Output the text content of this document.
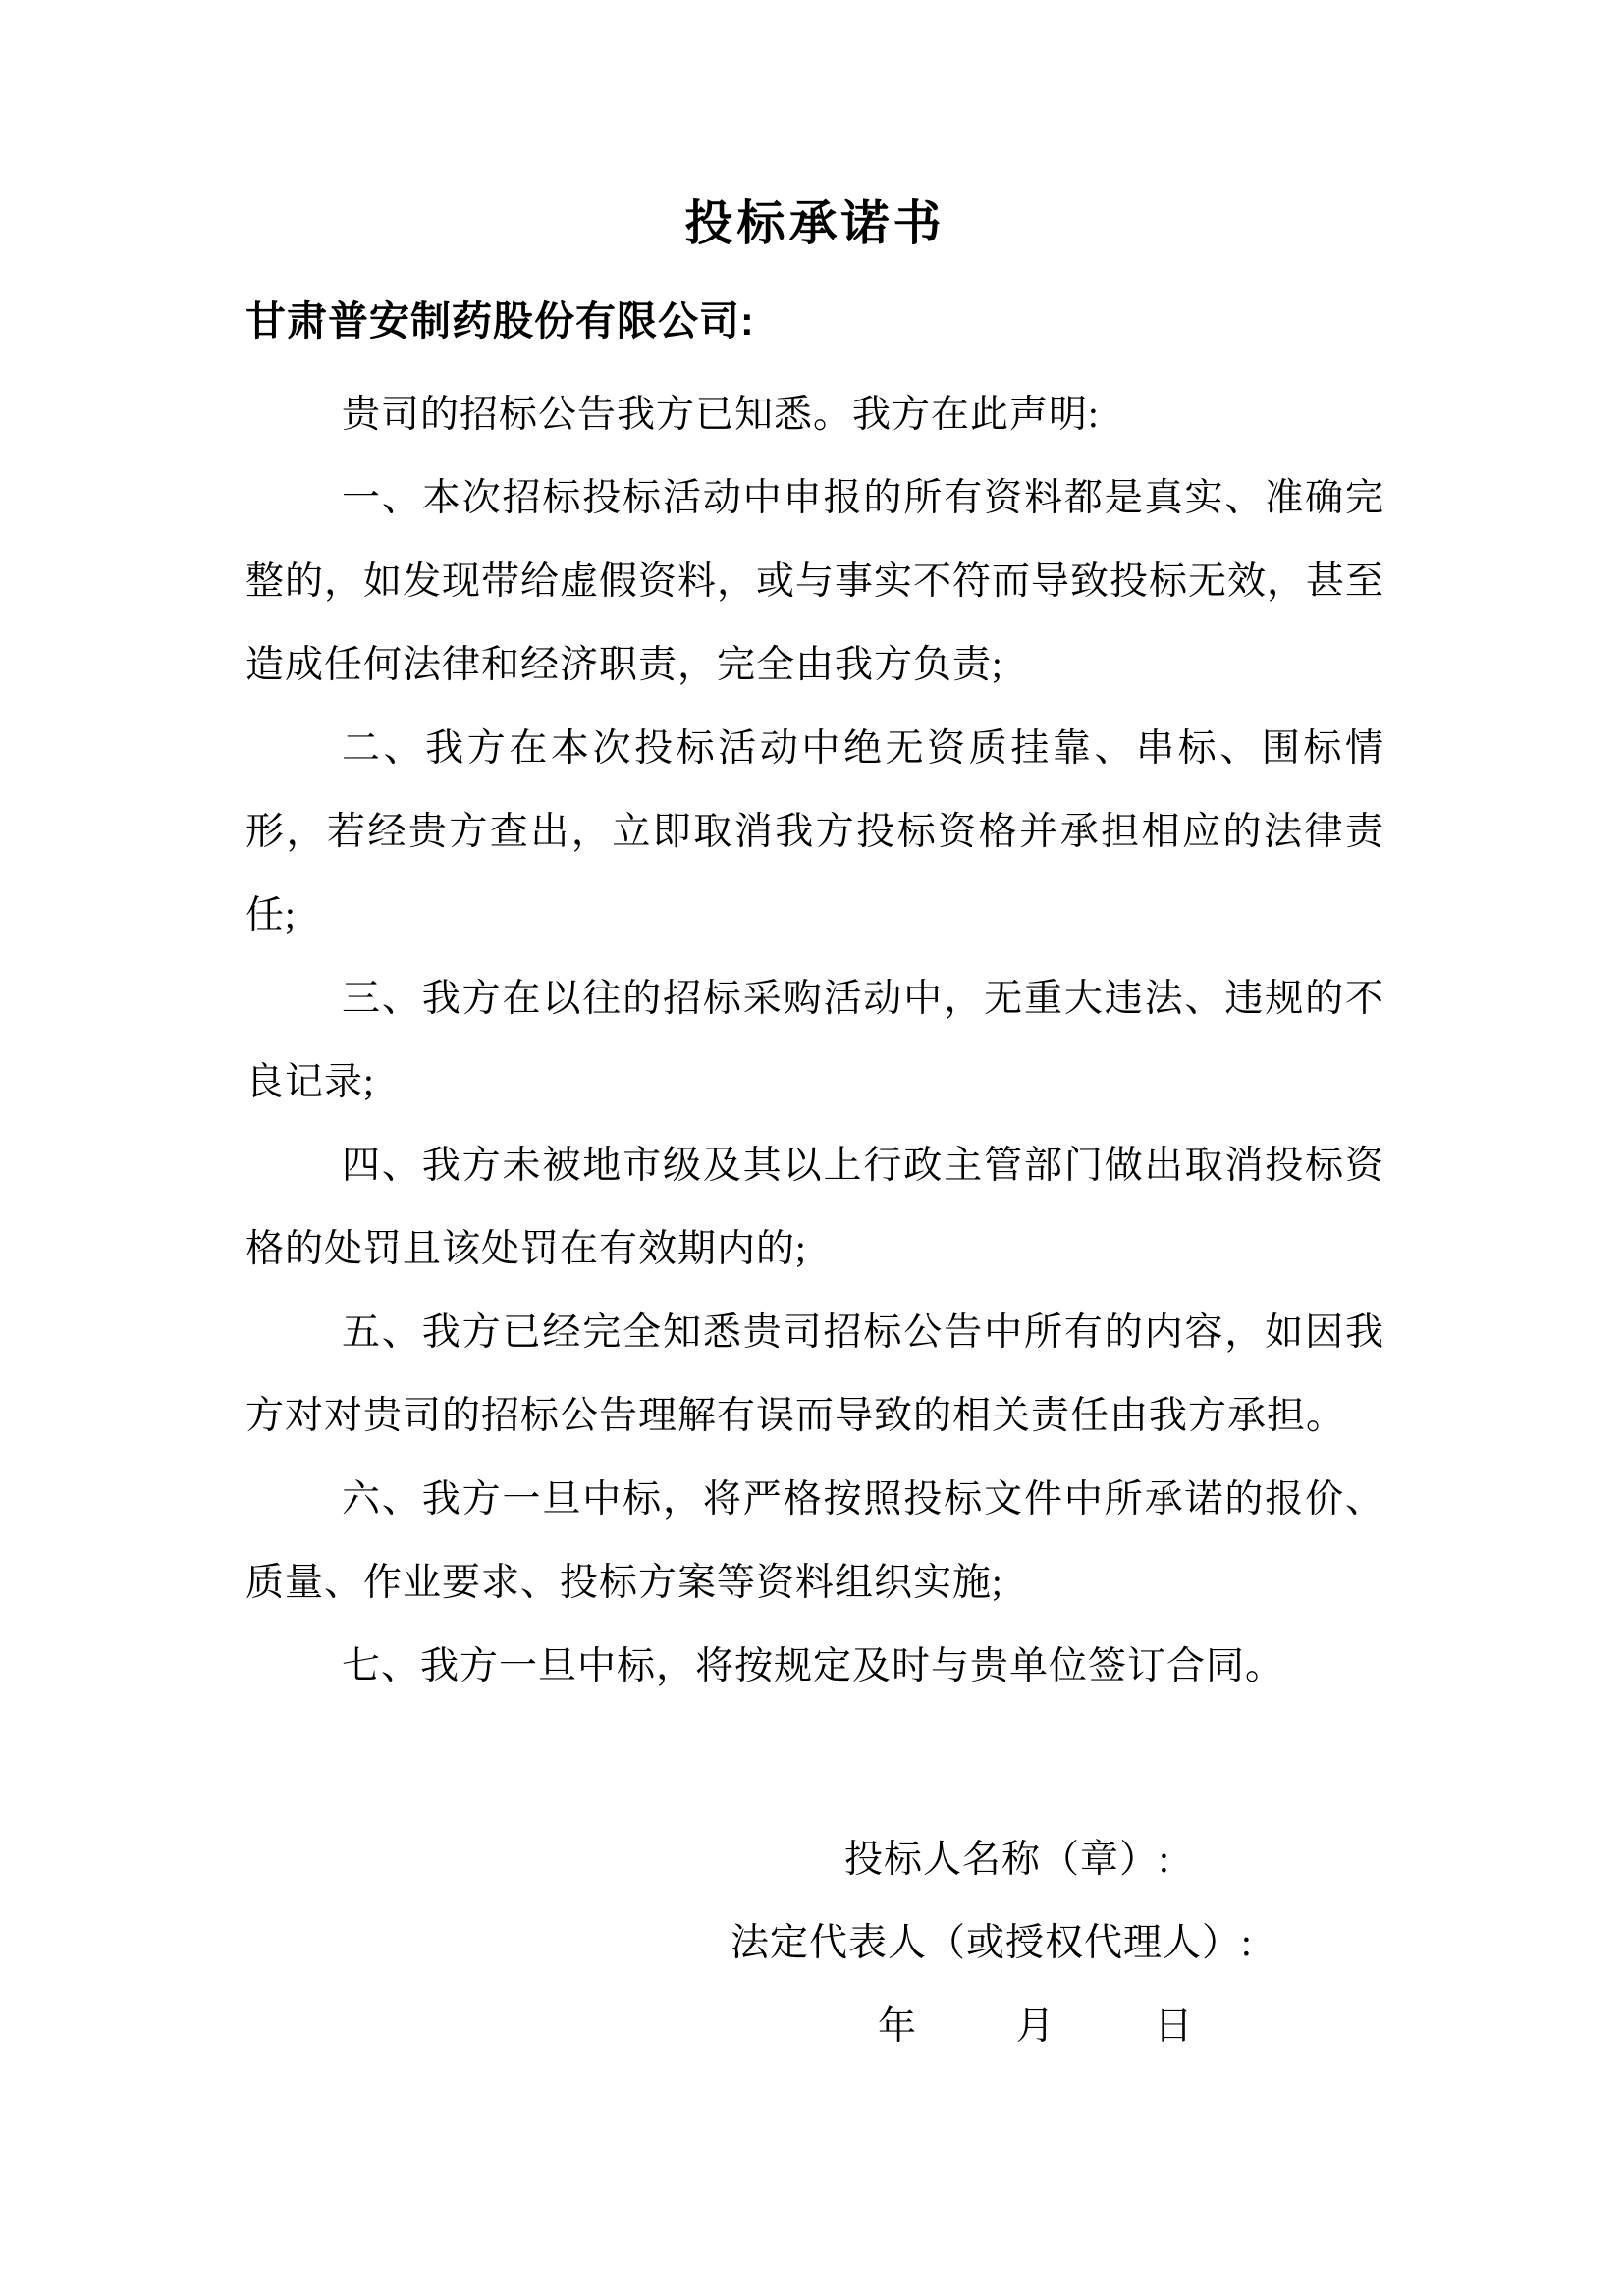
投标承诺书
甘肃普安制药股份有限公司:

贵司的招标公告我方已知悉。我方在此声明:

一、本次招标投标活动中申报的所有资料都是真实、准确完整的，如发现带给虚假资料，或与事实不符而导致投标无效，甚至造成任何法律和经济职责，完全由我方负责;

二、我方在本次投标活动中绝无资质挂靠、串标、围标情形，若经贵方查出，立即取消我方投标资格并承担相应的法律责任;

三、我方在以往的招标采购活动中，无重大违法、违规的不良记录;

四、我方未被地市级及其以上行政主管部门做出取消投标资格的处罚且该处罚在有效期内的;

五、我方已经完全知悉贵司招标公告中所有的内容，如因我方对对贵司的招标公告理解有误而导致的相关责任由我方承担。

六、我方一旦中标，将严格按照投标文件中所承诺的报价、质量、作业要求、投标方案等资料组织实施;

七、我方一旦中标，将按规定及时与贵单位签订合同。

投标人名称（章）:
法定代表人（或授权代理人）:
年	月	日
